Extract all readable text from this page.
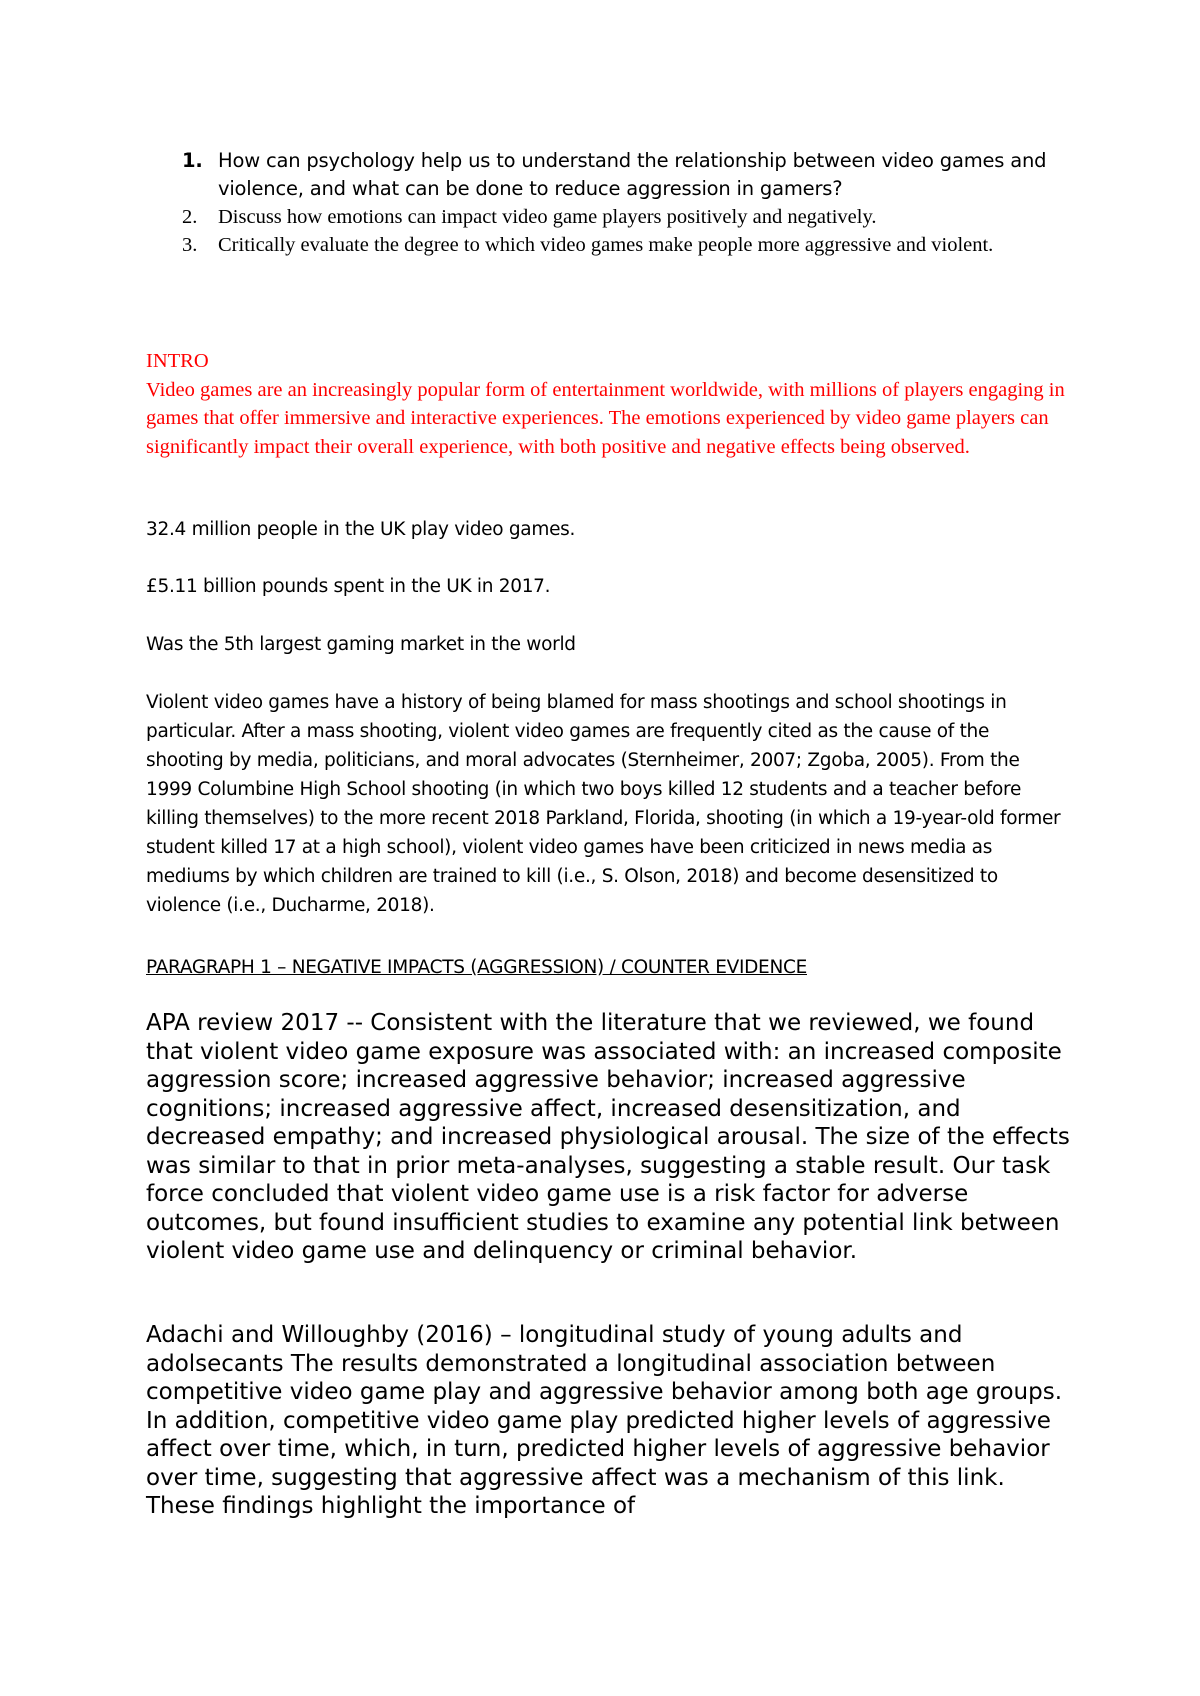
1. How can psychology help us to understand the relationship between video games and violence, and what can be done to reduce aggression in gamers?
2. Discuss how emotions can impact video game players positively and negatively.
3. Critically evaluate the degree to which video games make people more aggressive and violent.

INTRO

Video games are an increasingly popular form of entertainment worldwide, with millions of players engaging in games that offer immersive and interactive experiences. The emotions experienced by video game players can significantly impact their overall experience, with both positive and negative effects being observed.

32.4 million people in the UK play video games.

£5.11 billion pounds spent in the UK in 2017.

Was the 5th largest gaming market in the world

Violent video games have a history of being blamed for mass shootings and school shootings in particular. After a mass shooting, violent video games are frequently cited as the cause of the shooting by media, politicians, and moral advocates (Sternheimer, 2007; Zgoba, 2005). From the 1999 Columbine High School shooting (in which two boys killed 12 students and a teacher before killing themselves) to the more recent 2018 Parkland, Florida, shooting (in which a 19-year-old former student killed 17 at a high school), violent video games have been criticized in news media as mediums by which children are trained to kill (i.e., S. Olson, 2018) and become desensitized to violence (i.e., Ducharme, 2018).

PARAGRAPH 1 – NEGATIVE IMPACTS (AGGRESSION) / COUNTER EVIDENCE

APA review 2017 -- Consistent with the literature that we reviewed, we found that violent video game exposure was associated with: an increased composite aggression score; increased aggressive behavior; increased aggressive cognitions; increased aggressive affect, increased desensitization, and decreased empathy; and increased physiological arousal. The size of the effects was similar to that in prior meta-analyses, suggesting a stable result. Our task force concluded that violent video game use is a risk factor for adverse outcomes, but found insufficient studies to examine any potential link between violent video game use and delinquency or criminal behavior.

Adachi and Willoughby (2016) – longitudinal study of young adults and adolsecants The results demonstrated a longitudinal association between competitive video game play and aggressive behavior among both age groups. In addition, competitive video game play predicted higher levels of aggressive affect over time, which, in turn, predicted higher levels of aggressive behavior over time, suggesting that aggressive affect was a mechanism of this link. These findings highlight the importance of
